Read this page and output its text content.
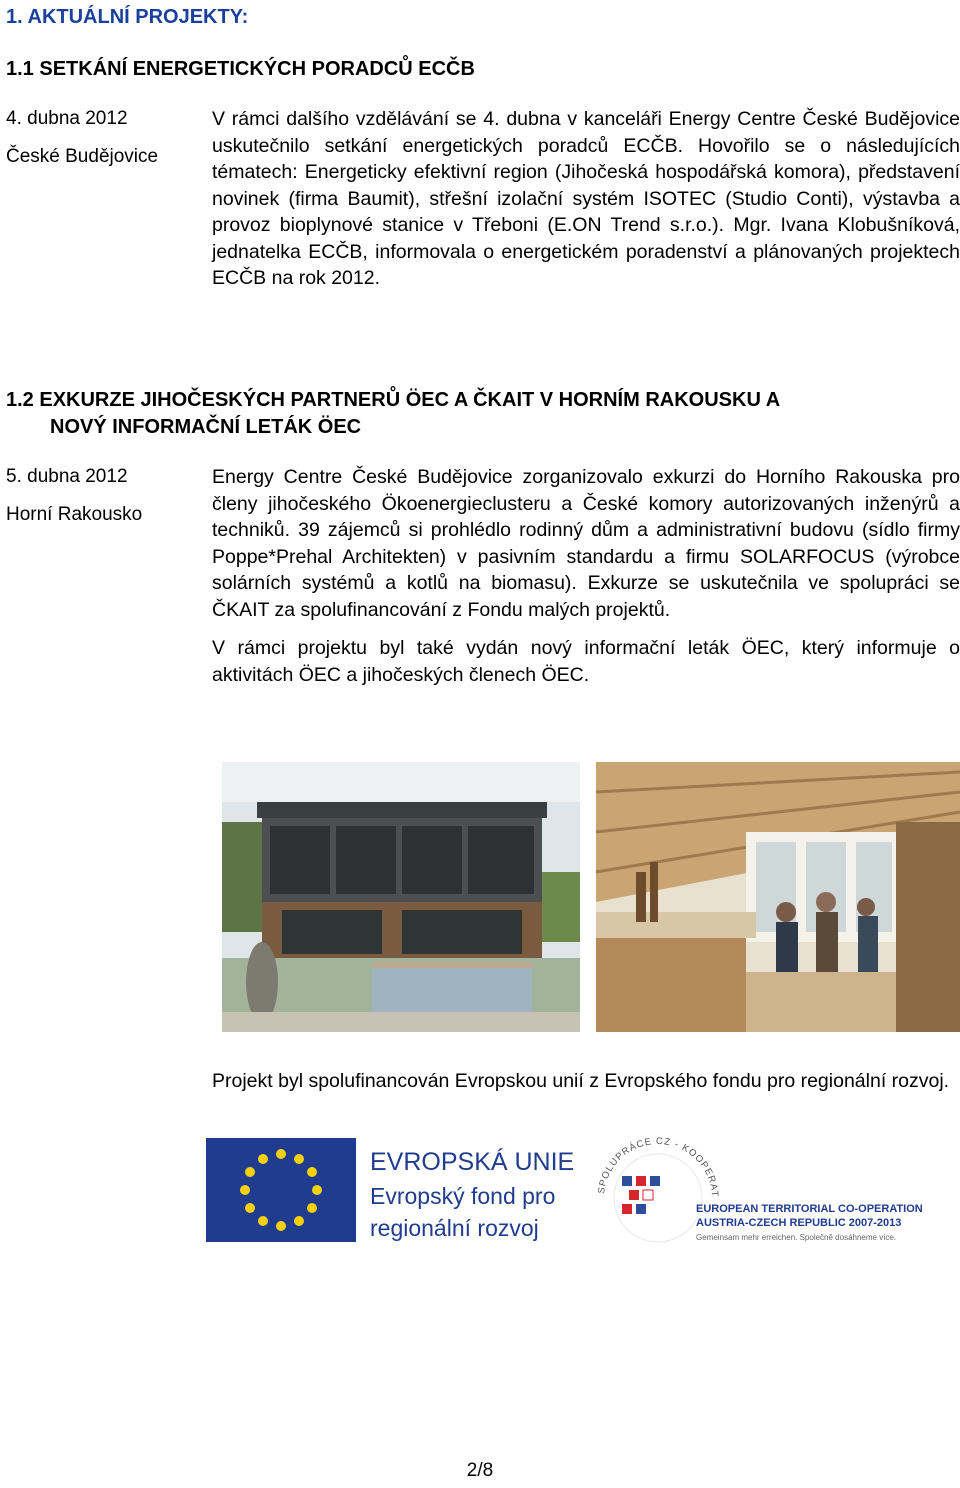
1. AKTUÁLNÍ PROJEKTY:
1.1 SETKÁNÍ ENERGETICKÝCH PORADCŮ ECČB
4. dubna 2012
České Budějovice

V rámci dalšího vzdělávání se 4. dubna v kanceláři Energy Centre České Budějovice uskutečnilo setkání energetických poradců ECČB. Hovořilo se o následujících tématech: Energeticky efektivní region (Jihočeská hospodářská komora), představení novinek (firma Baumit), střešní izolační systém ISOTEC (Studio Conti), výstavba a provoz bioplynové stanice v Třeboni (E.ON Trend s.r.o.). Mgr. Ivana Klobušníková, jednatelka ECČB, informovala o energetickém poradenství a plánovaných projektech ECČB na rok 2012.

1.2 EXKURZE JIHOČESKÝCH PARTNERŮ ÖEC A ČKAIT V HORNÍM RAKOUSKU A
NOVÝ INFORMAČNÍ LETÁK ÖEC
5. dubna 2012
Horní Rakousko

Energy Centre České Budějovice zorganizovalo exkurzi do Horního Rakouska pro členy jihočeského Ökoenergieclusteru a České komory autorizovaných inženýrů a techniků. 39 zájemců si prohlédlo rodinný dům a administrativní budovu (sídlo firmy Poppe*Prehal Architekten) v pasivním standardu a firmu SOLARFOCUS (výrobce solárních systémů a kotlů na biomasu). Exkurze se uskutečnila ve spolupráci se ČKAIT za spolufinancování z Fondu malých projektů.

V rámci projektu byl také vydán nový informační leták ÖEC, který informuje o aktivitách ÖEC a jihočeských členech ÖEC.

Projekt byl spolufinancován Evropskou unií z Evropského fondu pro regionální rozvoj.

EVROPSKÁ UNIE
Evropský fond pro
regionální rozvoj
SPOLUPRÁCE CZ - KOOPERAT
EUROPEAN TERRITORIAL CO-OPERATION
AUSTRIA-CZECH REPUBLIC 2007-2013
Gemeinsam mehr erreichen. Společně dosáhneme více.
2/8
